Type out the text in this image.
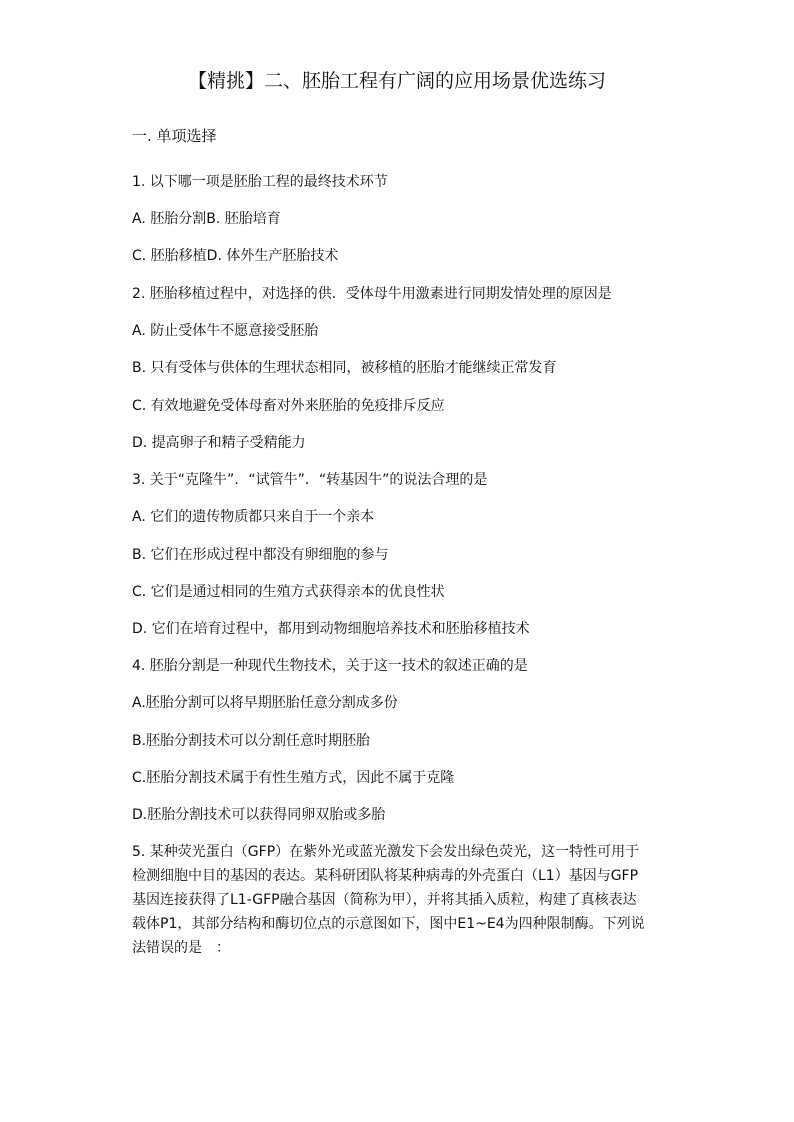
【精挑】二、胚胎工程有广阔的应用场景优选练习
一. 单项选择
1. 以下哪一项是胚胎工程的最终技术环节
A. 胚胎分割B. 胚胎培育
C. 胚胎移植D. 体外生产胚胎技术
2. 胚胎移植过程中，对选择的供．受体母牛用激素进行同期发情处理的原因是
A. 防止受体牛不愿意接受胚胎
B. 只有受体与供体的生理状态相同，被移植的胚胎才能继续正常发育
C. 有效地避免受体母畜对外来胚胎的免疫排斥反应
D. 提高卵子和精子受精能力
3. 关于“克隆牛”．“试管牛”．“转基因牛”的说法合理的是
A. 它们的遗传物质都只来自于一个亲本
B. 它们在形成过程中都没有卵细胞的参与
C. 它们是通过相同的生殖方式获得亲本的优良性状
D. 它们在培育过程中，都用到动物细胞培养技术和胚胎移植技术
4. 胚胎分割是一种现代生物技术，关于这一技术的叙述正确的是
A.胚胎分割可以将早期胚胎任意分割成多份
B.胚胎分割技术可以分割任意时期胚胎
C.胚胎分割技术属于有性生殖方式，因此不属于克隆
D.胚胎分割技术可以获得同卵双胎或多胎
5. 某种荧光蛋白（GFP）在紫外光或蓝光激发下会发出绿色荧光，这一特性可用于
检测细胞中目的基因的表达。某科研团队将某种病毒的外壳蛋白（L1）基因与GFP
基因连接获得了L1-GFP融合基因（简称为甲），并将其插入质粒，构建了真核表达
载体P1，其部分结构和酶切位点的示意图如下，图中E1~E4为四种限制酶。下列说
法错误的是　：
